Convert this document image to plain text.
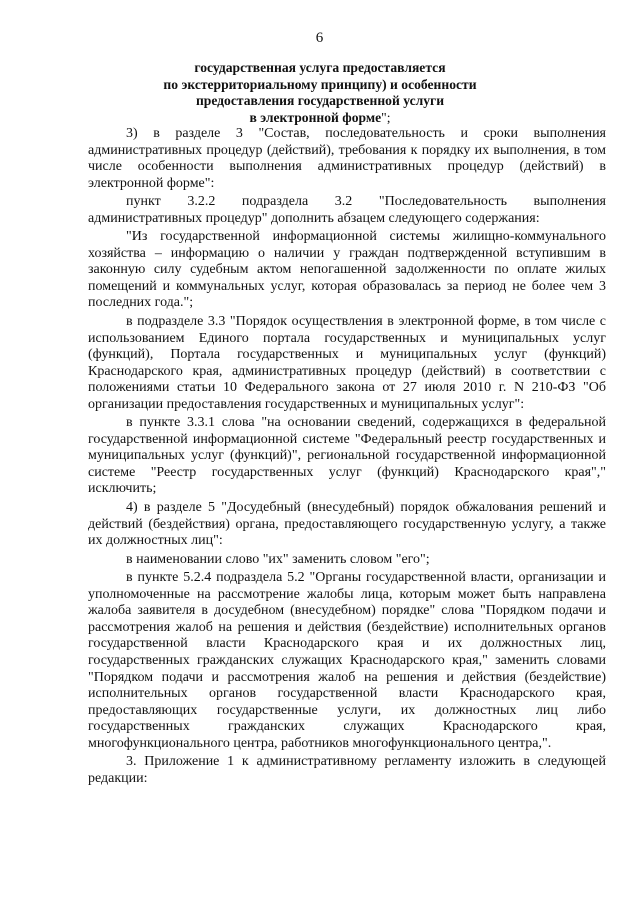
6
государственная услуга предоставляется
по экстерриториальному принципу) и особенности
предоставления государственной услуги
в электронной форме";

3) в разделе 3 "Состав, последовательность и сроки выполнения административных процедур (действий), требования к порядку их выполнения, в том числе особенности выполнения административных процедур (действий) в электронной форме":

пункт 3.2.2 подраздела 3.2 "Последовательность выполнения административных процедур" дополнить абзацем следующего содержания:

"Из государственной информационной системы жилищно-коммунального хозяйства – информацию о наличии у граждан подтвержденной вступившим в законную силу судебным актом непогашенной задолженности по оплате жилых помещений и коммунальных услуг, которая образовалась за период не более чем 3 последних года.";

в подразделе 3.3 "Порядок осуществления в электронной форме, в том числе с использованием Единого портала государственных и муниципальных услуг (функций), Портала государственных и муниципальных услуг (функций) Краснодарского края, административных процедур (действий) в соответствии с положениями статьи 10 Федерального закона от 27 июля 2010 г. N 210-ФЗ "Об организации предоставления государственных и муниципальных услуг":

в пункте 3.3.1 слова "на основании сведений, содержащихся в федеральной государственной информационной системе "Федеральный реестр государственных и муниципальных услуг (функций)", региональной государственной информационной системе "Реестр государственных услуг (функций) Краснодарского края"," исключить;

4) в разделе 5 "Досудебный (внесудебный) порядок обжалования решений и действий (бездействия) органа, предоставляющего государственную услугу, а также их должностных лиц":

в наименовании слово "их" заменить словом "его";

в пункте 5.2.4 подраздела 5.2 "Органы государственной власти, организации и уполномоченные на рассмотрение жалобы лица, которым может быть направлена жалоба заявителя в досудебном (внесудебном) порядке" слова "Порядком подачи и рассмотрения жалоб на решения и действия (бездействие) исполнительных органов государственной власти Краснодарского края и их должностных лиц, государственных гражданских служащих Краснодарского края," заменить словами "Порядком подачи и рассмотрения жалоб на решения и действия (бездействие) исполнительных органов государственной власти Краснодарского края, предоставляющих государственные услуги, их должностных лиц либо государственных гражданских служащих Краснодарского края, многофункционального центра, работников многофункционального центра,".

3. Приложение 1 к административному регламенту изложить в следующей редакции:
